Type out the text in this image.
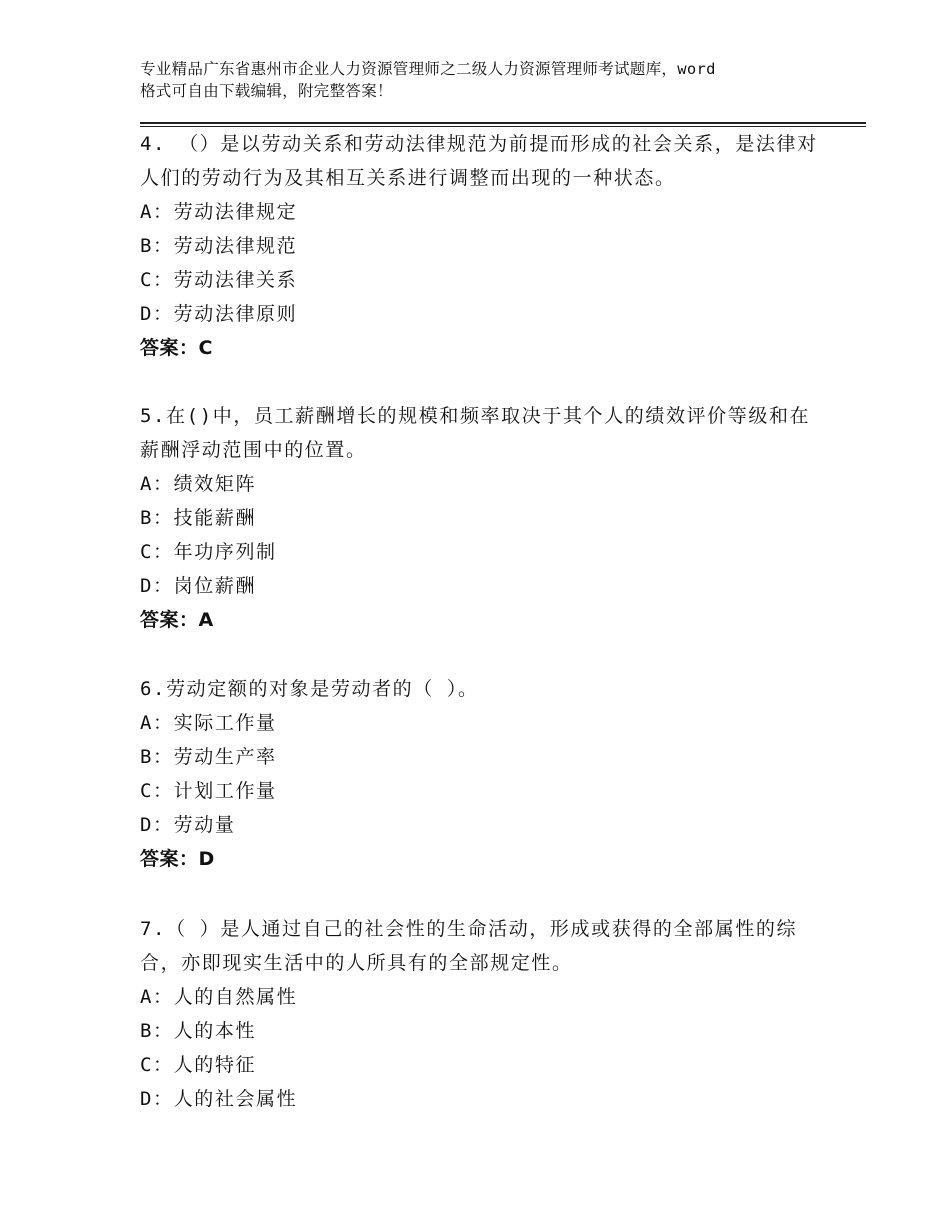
专业精品广东省惠州市企业人力资源管理师之二级人力资源管理师考试题库，word
格式可自由下载编辑，附完整答案！

4. （）是以劳动关系和劳动法律规范为前提而形成的社会关系，是法律对人们的劳动行为及其相互关系进行调整而出现的一种状态。

A：劳动法律规定

B：劳动法律规范

C：劳动法律关系

D：劳动法律原则

答案：C

5.在()中，员工薪酬增长的规模和频率取决于其个人的绩效评价等级和在薪酬浮动范围中的位置。

A：绩效矩阵

B：技能薪酬

C：年功序列制

D：岗位薪酬

答案：A

6.劳动定额的对象是劳动者的（ ）。

A：实际工作量

B：劳动生产率

C：计划工作量

D：劳动量

答案：D

7.（ ）是人通过自己的社会性的生命活动，形成或获得的全部属性的综合，亦即现实生活中的人所具有的全部规定性。

A：人的自然属性

B：人的本性

C：人的特征

D：人的社会属性
